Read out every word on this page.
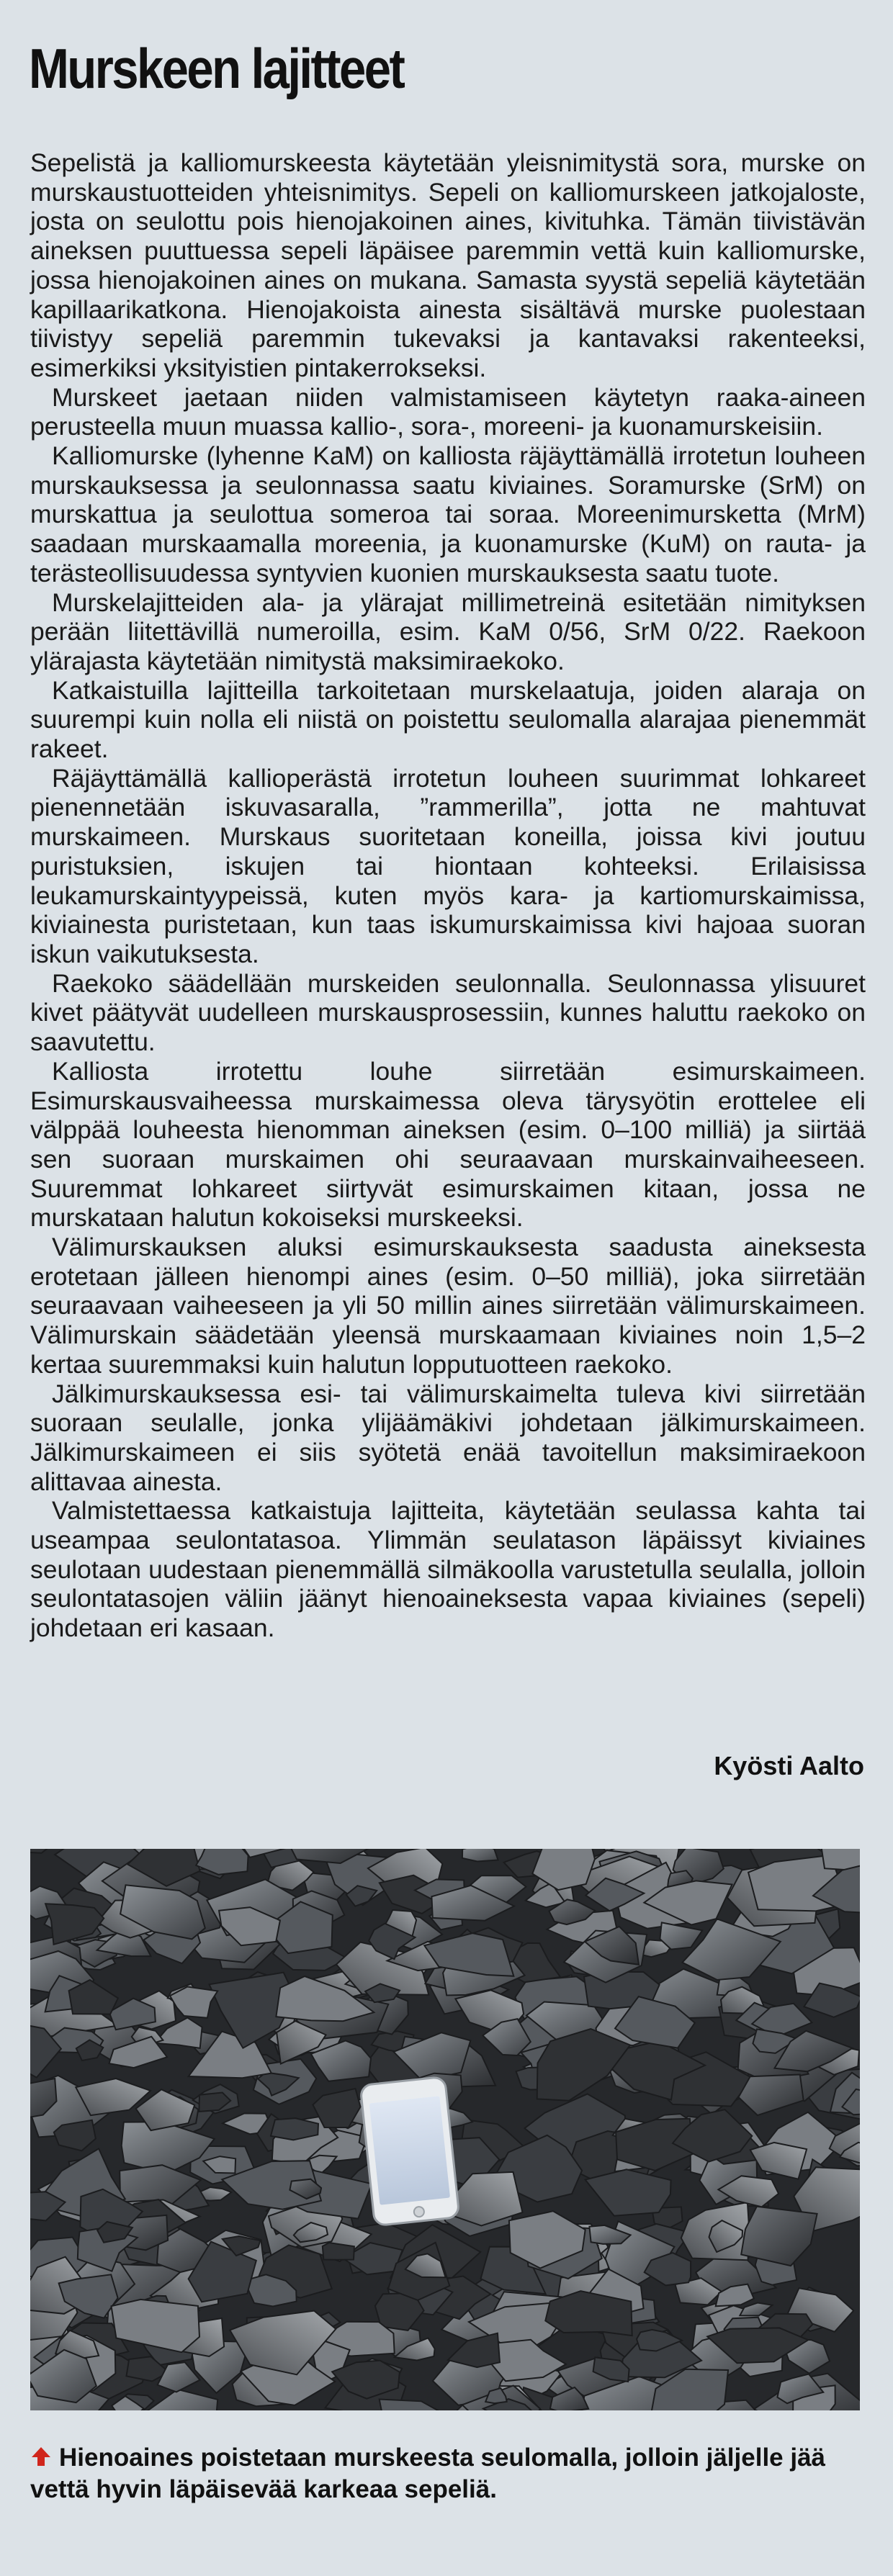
Murskeen lajitteet

Sepelistä ja kalliomurskeesta käytetään yleisnimitystä sora, murske on murskaustuotteiden yhteisnimitys. Sepeli on kalliomurskeen jatkojaloste, josta on seulottu pois hienojakoinen aines, kivituhka. Tämän tiivistävän aineksen puuttuessa sepeli läpäisee paremmin vettä kuin kalliomurske, jossa hienojakoinen aines on mukana. Samasta syystä sepeliä käytetään kapillaarikatkona. Hienojakoista ainesta sisältävä murske puolestaan tiivistyy sepeliä paremmin tukevaksi ja kantavaksi rakenteeksi, esimerkiksi yksityistien pintakerrokseksi.

Murskeet jaetaan niiden valmistamiseen käytetyn raaka-aineen perusteella muun muassa kallio-, sora-, moreeni- ja kuonamurskeisiin.

Kalliomurske (lyhenne KaM) on kalliosta räjäyttämällä irrotetun louheen murskauksessa ja seulonnassa saatu kiviaines. Soramurske (SrM) on murskattua ja seulottua someroa tai soraa. Moreenimursketta (MrM) saadaan murskaamalla moreenia, ja kuonamurske (KuM) on rauta- ja terästeollisuudessa syntyvien kuonien murskauksesta saatu tuote.

Murskelajitteiden ala- ja ylärajat millimetreinä esitetään nimityksen perään liitettävillä numeroilla, esim. KaM 0/56, SrM 0/22. Raekoon ylärajasta käytetään nimitystä maksimiraekoko.

Katkaistuilla lajitteilla tarkoitetaan murskelaatuja, joiden alaraja on suurempi kuin nolla eli niistä on poistettu seulomalla alarajaa pienemmät rakeet.

Räjäyttämällä kallioperästä irrotetun louheen suurimmat lohkareet pienennetään iskuvasaralla, ”rammerilla”, jotta ne mahtuvat murskaimeen. Murskaus suoritetaan koneilla, joissa kivi joutuu puristuksien, iskujen tai hiontaan kohteeksi. Erilaisissa leukamurskaintyypeissä, kuten myös kara- ja kartiomurskaimissa, kiviainesta puristetaan, kun taas iskumurskaimissa kivi hajoaa suoran iskun vaikutuksesta.

Raekoko säädellään murskeiden seulonnalla. Seulonnassa ylisuuret kivet päätyvät uudelleen murskausprosessiin, kunnes haluttu raekoko on saavutettu.

Kalliosta irrotettu louhe siirretään esimurskaimeen. Esimurskausvaiheessa murskaimessa oleva tärysyötin erottelee eli välppää louheesta hienomman aineksen (esim. 0–100 milliä) ja siirtää sen suoraan murskaimen ohi seuraavaan murskainvaiheeseen. Suuremmat lohkareet siirtyvät esimurskaimen kitaan, jossa ne murskataan halutun kokoiseksi murskeeksi.

Välimurskauksen aluksi esimurskauksesta saadusta aineksesta erotetaan jälleen hienompi aines (esim. 0–50 milliä), joka siirretään seuraavaan vaiheeseen ja yli 50 millin aines siirretään välimurskaimeen. Välimurskain säädetään yleensä murskaamaan kiviaines noin 1,5–2 kertaa suuremmaksi kuin halutun lopputuotteen raekoko.

Jälkimurskauksessa esi- tai välimurskaimelta tuleva kivi siirretään suoraan seulalle, jonka ylijäämäkivi johdetaan jälkimurskaimeen. Jälkimurskaimeen ei siis syötetä enää tavoitellun maksimiraekoon alittavaa ainesta.

Valmistettaessa katkaistuja lajitteita, käytetään seulassa kahta tai useampaa seulontatasoa. Ylimmän seulatason läpäissyt kiviaines seulotaan uudestaan pienemmällä silmäkoolla varustetulla seulalla, jolloin seulontatasojen väliin jäänyt hienoaineksesta vapaa kiviaines (sepeli) johdetaan eri kasaan.

Kyösti Aalto
Hienoaines poistetaan murskeesta seulomalla, jolloin jäljelle jää vettä hyvin läpäisevää karkeaa sepeliä.
